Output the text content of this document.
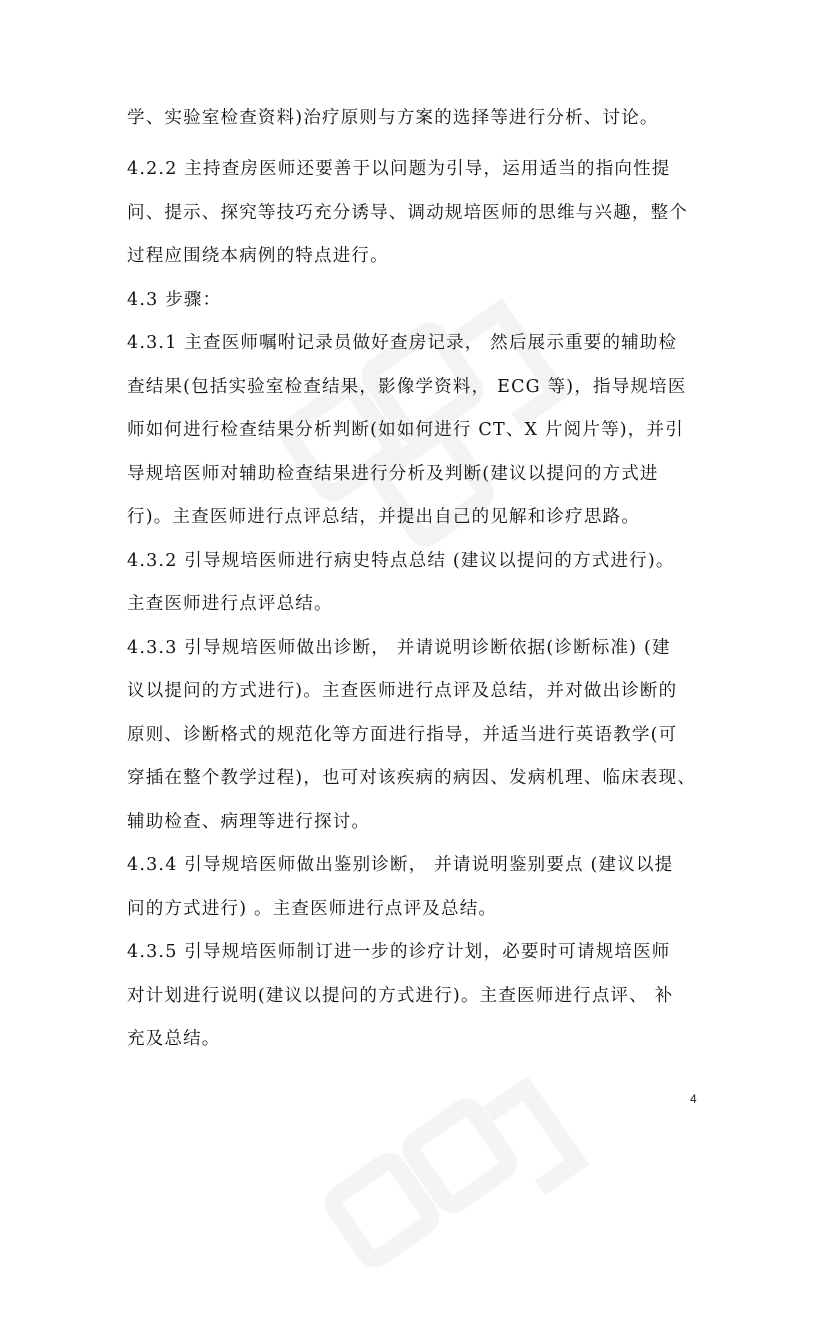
学、实验室检查资料)治疗原则与方案的选择等进行分析、讨论。
4.2.2 主持查房医师还要善于以问题为引导，运用适当的指向性提
问、提示、探究等技巧充分诱导、调动规培医师的思维与兴趣，整个
过程应围绕本病例的特点进行。
4.3 步骤：
4.3.1 主查医师嘱咐记录员做好查房记录， 然后展示重要的辅助检
查结果(包括实验室检查结果，影像学资料， ECG 等)，指导规培医
师如何进行检查结果分析判断(如如何进行 CT、X 片阅片等)，并引
导规培医师对辅助检查结果进行分析及判断(建议以提问的方式进
行)。主查医师进行点评总结，并提出自己的见解和诊疗思路。
4.3.2 引导规培医师进行病史特点总结 (建议以提问的方式进行)。
主查医师进行点评总结。
4.3.3 引导规培医师做出诊断， 并请说明诊断依据(诊断标准) (建
议以提问的方式进行)。主查医师进行点评及总结，并对做出诊断的
原则、诊断格式的规范化等方面进行指导，并适当进行英语教学(可
穿插在整个教学过程)，也可对该疾病的病因、发病机理、临床表现、
辅助检查、病理等进行探讨。
4.3.4 引导规培医师做出鉴别诊断， 并请说明鉴别要点 (建议以提
问的方式进行) 。主查医师进行点评及总结。
4.3.5 引导规培医师制订进一步的诊疗计划，必要时可请规培医师
对计划进行说明(建议以提问的方式进行)。主查医师进行点评、 补
充及总结。
4
